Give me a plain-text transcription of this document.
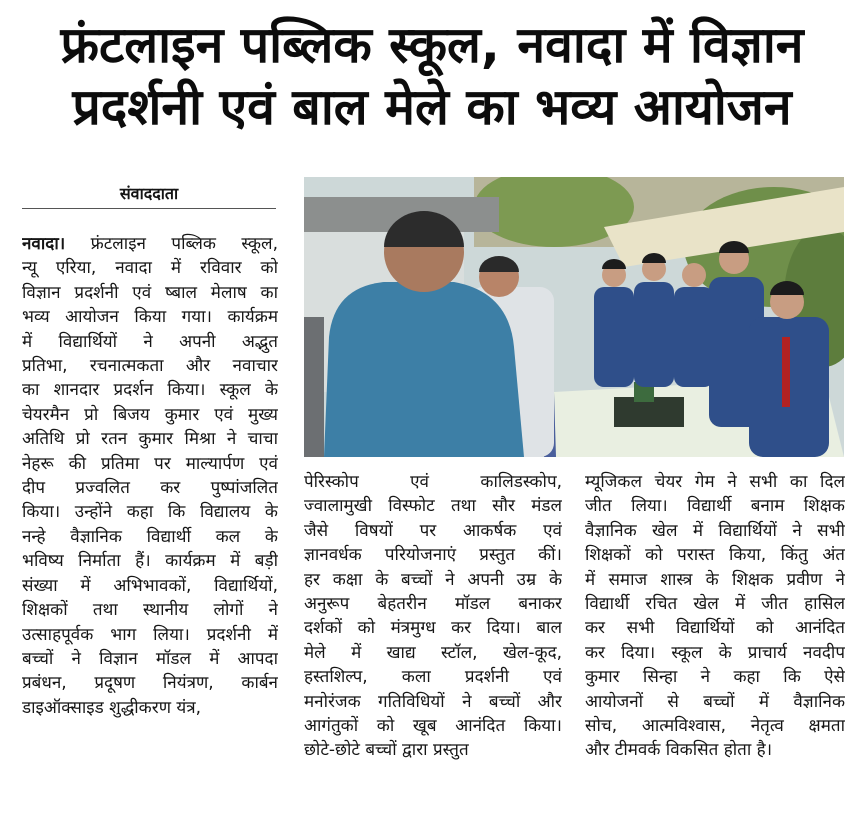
फ्रंटलाइन पब्लिक स्कूल, नवादा में विज्ञान
प्रदर्शनी एवं बाल मेले का भव्य आयोजन
संवाददाता
नवादा। फ्रंटलाइन पब्लिक स्कूल,
न्यू एरिया, नवादा में रविवार को
विज्ञान प्रदर्शनी एवं ष्बाल मेलाष का
भव्य आयोजन किया गया। कार्यक्रम
में विद्यार्थियों ने अपनी अद्भुत
प्रतिभा, रचनात्मकता और नवाचार
का शानदार प्रदर्शन किया। स्कूल के
चेयरमैन प्रो बिजय कुमार एवं मुख्य
अतिथि प्रो रतन कुमार मिश्रा ने चाचा
नेहरू की प्रतिमा पर माल्यार्पण एवं
दीप प्रज्वलित कर पुष्पांजलित
किया। उन्होंने कहा कि विद्यालय के
नन्हे वैज्ञानिक विद्यार्थी कल के
भविष्य निर्माता हैं। कार्यक्रम में बड़ी
संख्या में अभिभावकों, विद्यार्थियों,
शिक्षकों तथा स्थानीय लोगों ने
उत्साहपूर्वक भाग लिया। प्रदर्शनी में
बच्चों ने विज्ञान मॉडल में आपदा
प्रबंधन, प्रदूषण नियंत्रण, कार्बन
डाइऑक्साइड शुद्धीकरण यंत्र,
पेरिस्कोप एवं कालिडस्कोप,
ज्वालामुखी विस्फोट तथा सौर मंडल
जैसे विषयों पर आकर्षक एवं
ज्ञानवर्धक परियोजनाएं प्रस्तुत कीं।
हर कक्षा के बच्चों ने अपनी उम्र के
अनुरूप बेहतरीन मॉडल बनाकर
दर्शकों को मंत्रमुग्ध कर दिया। बाल
मेले में खाद्य स्टॉल, खेल-कूद,
हस्तशिल्प, कला प्रदर्शनी एवं
मनोरंजक गतिविधियों ने बच्चों और
आगंतुकों को खूब आनंदित किया।
छोटे-छोटे बच्चों द्वारा प्रस्तुत
म्यूजिकल चेयर गेम ने सभी का दिल
जीत लिया। विद्यार्थी बनाम शिक्षक
वैज्ञानिक खेल में विद्यार्थियों ने सभी
शिक्षकों को परास्त किया, किंतु अंत
में समाज शास्त्र के शिक्षक प्रवीण ने
विद्यार्थी रचित खेल में जीत हासिल
कर सभी विद्यार्थियों को आनंदित
कर दिया। स्कूल के प्राचार्य नवदीप
कुमार सिन्हा ने कहा कि ऐसे
आयोजनों से बच्चों में वैज्ञानिक
सोच, आत्मविश्वास, नेतृत्व क्षमता
और टीमवर्क विकसित होता है।
